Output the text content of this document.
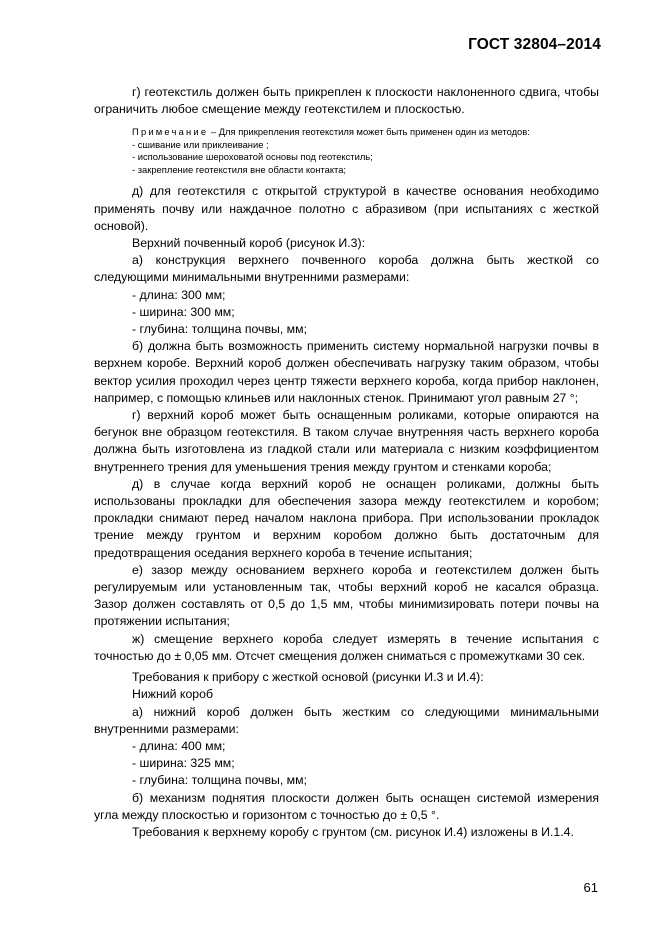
ГОСТ 32804–2014

г) геотекстиль должен быть прикреплен к плоскости наклоненного сдвига, чтобы ограничить любое смещение между геотекстилем и плоскостью.

Примечание – Для прикрепления геотекстиля может быть применен один из методов:

- сшивание или приклеивание ;

- использование шероховатой основы под геотекстиль;

- закрепление геотекстиля вне области контакта;

д) для геотекстиля с открытой структурой в качестве основания необходимо применять почву или наждачное полотно с абразивом (при испытаниях с жесткой основой).

Верхний почвенный короб (рисунок И.3):

а) конструкция верхнего почвенного короба должна быть жесткой со следующими минимальными внутренними размерами:

- длина: 300 мм;

- ширина: 300 мм;

- глубина: толщина почвы, мм;

б) должна быть возможность применить систему нормальной нагрузки почвы в верхнем коробе. Верхний короб должен обеспечивать нагрузку таким образом, чтобы вектор усилия проходил через центр тяжести верхнего короба, когда прибор наклонен, например, с помощью клиньев или наклонных стенок. Принимают угол равным 27 °;

г) верхний короб может быть оснащенным роликами, которые опираются на бегунок вне образцом геотекстиля. В таком случае внутренняя часть верхнего короба должна быть изготовлена из гладкой стали или материала с низким коэффициентом внутреннего трения для уменьшения трения между грунтом и стенками короба;

д) в случае когда верхний короб не оснащен роликами, должны быть использованы прокладки для обеспечения зазора между геотекстилем и коробом; прокладки снимают перед началом наклона прибора. При использовании прокладок трение между грунтом и верхним коробом должно быть достаточным для предотвращения оседания верхнего короба в течение испытания;

е) зазор между основанием верхнего короба и геотекстилем должен быть регулируемым или установленным так, чтобы верхний короб не касался образца. Зазор должен составлять от 0,5 до 1,5 мм, чтобы минимизировать потери почвы на протяжении испытания;

ж) смещение верхнего короба следует измерять в течение испытания с точностью до ± 0,05 мм. Отсчет смещения должен сниматься с промежутками 30 сек.

Требования к прибору с жесткой основой (рисунки И.3 и И.4):

Нижний короб

а) нижний короб должен быть жестким со следующими минимальными внутренними размерами:

- длина: 400 мм;

- ширина: 325 мм;

- глубина: толщина почвы, мм;

б) механизм поднятия плоскости должен быть оснащен системой измерения угла между плоскостью и горизонтом с точностью до ± 0,5 °.

Требования к верхнему коробу с грунтом (см. рисунок И.4) изложены в И.1.4.

61
